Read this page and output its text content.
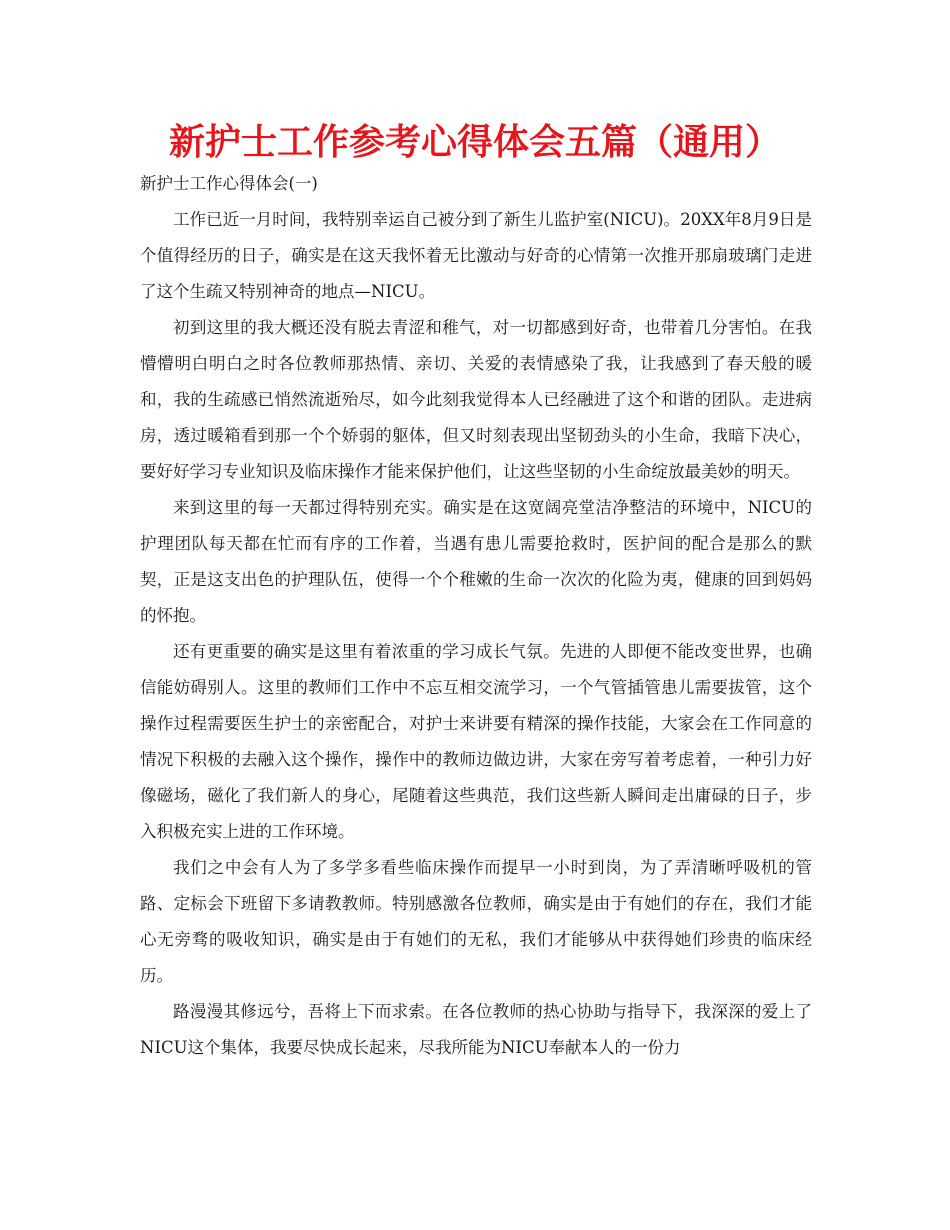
新护士工作参考心得体会五篇（通用）

新护士工作心得体会(一)

工作已近一月时间，我特别幸运自己被分到了新生儿监护室(NICU)。20XX年8月9日是个值得经历的日子，确实是在这天我怀着无比激动与好奇的心情第一次推开那扇玻璃门走进了这个生疏又特别神奇的地点—NICU。

初到这里的我大概还没有脱去青涩和稚气，对一切都感到好奇，也带着几分害怕。在我懵懵明白明白之时各位教师那热情、亲切、关爱的表情感染了我，让我感到了春天般的暖和，我的生疏感已悄然流逝殆尽，如今此刻我觉得本人已经融进了这个和谐的团队。走进病房，透过暖箱看到那一个个娇弱的躯体，但又时刻表现出坚韧劲头的小生命，我暗下决心，要好好学习专业知识及临床操作才能来保护他们，让这些坚韧的小生命绽放最美妙的明天。

来到这里的每一天都过得特别充实。确实是在这宽阔亮堂洁净整洁的环境中，NICU的护理团队每天都在忙而有序的工作着，当遇有患儿需要抢救时，医护间的配合是那么的默契，正是这支出色的护理队伍，使得一个个稚嫩的生命一次次的化险为夷，健康的回到妈妈的怀抱。

还有更重要的确实是这里有着浓重的学习成长气氛。先进的人即便不能改变世界，也确信能妨碍别人。这里的教师们工作中不忘互相交流学习，一个气管插管患儿需要拔管，这个操作过程需要医生护士的亲密配合，对护士来讲要有精深的操作技能，大家会在工作同意的情况下积极的去融入这个操作，操作中的教师边做边讲，大家在旁写着考虑着，一种引力好像磁场，磁化了我们新人的身心，尾随着这些典范，我们这些新人瞬间走出庸碌的日子，步入积极充实上进的工作环境。

我们之中会有人为了多学多看些临床操作而提早一小时到岗，为了弄清晰呼吸机的管路、定标会下班留下多请教教师。特别感激各位教师，确实是由于有她们的存在，我们才能心无旁骛的吸收知识，确实是由于有她们的无私，我们才能够从中获得她们珍贵的临床经历。

路漫漫其修远兮，吾将上下而求索。在各位教师的热心协助与指导下，我深深的爱上了NICU这个集体，我要尽快成长起来，尽我所能为NICU奉献本人的一份力
